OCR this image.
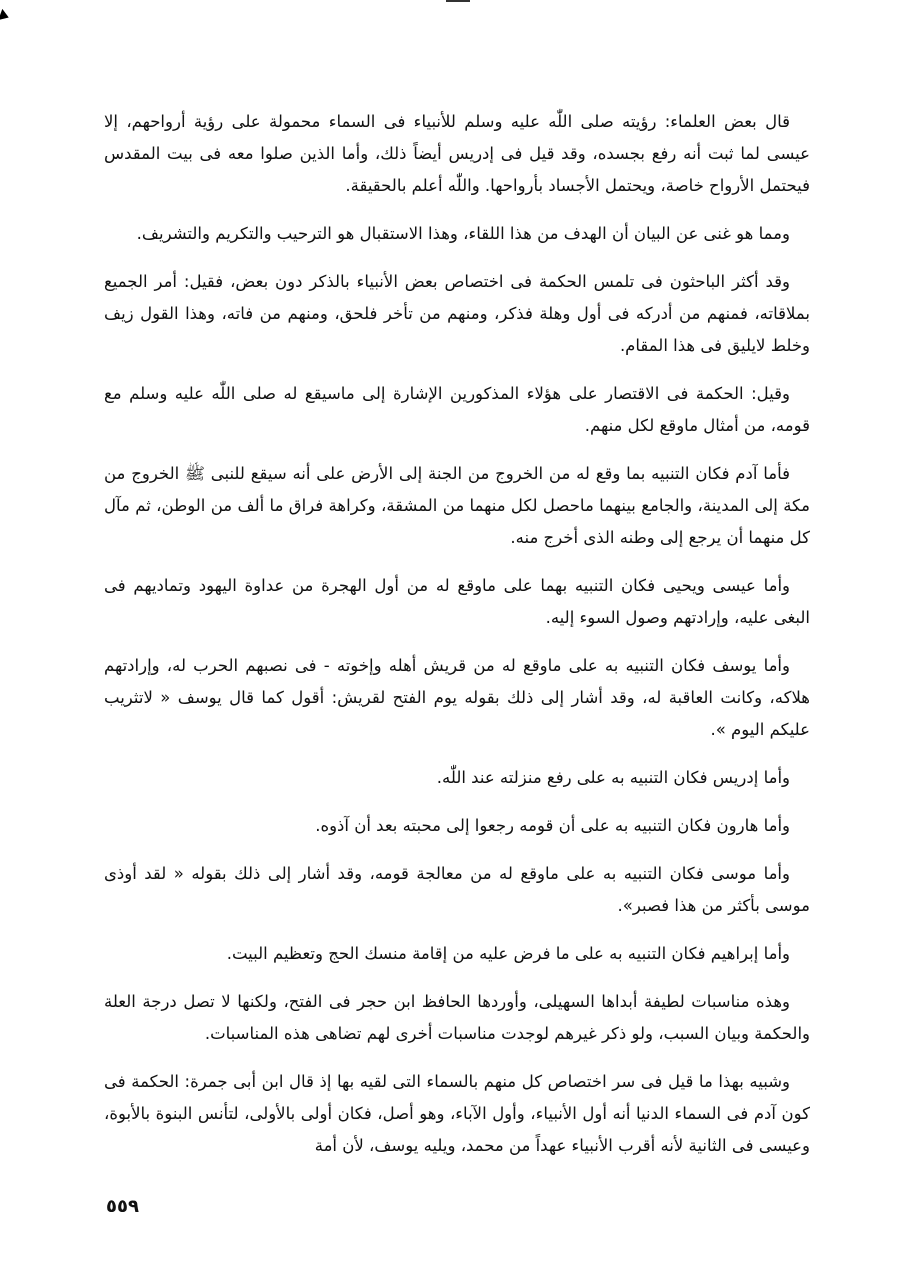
قال بعض العلماء: رؤيته صلى اللّٰه عليه وسلم للأنبياء فى السماء محمولة على رؤية أرواحهم، إلا عيسى لما ثبت أنه رفع بجسده، وقد قيل فى إدريس أيضاً ذلك، وأما الذين صلوا معه فى بيت المقدس فيحتمل الأرواح خاصة، ويحتمل الأجساد بأرواحها. واللّٰه أعلم بالحقيقة.

ومما هو غنى عن البيان أن الهدف من هذا اللقاء، وهذا الاستقبال هو الترحيب والتكريم والتشريف.

وقد أكثر الباحثون فى تلمس الحكمة فى اختصاص بعض الأنبياء بالذكر دون بعض، فقيل: أمر الجميع بملاقاته، فمنهم من أدركه فى أول وهلة فذكر، ومنهم من تأخر فلحق، ومنهم من فاته، وهذا القول زيف وخلط لايليق فى هذا المقام.

وقيل: الحكمة فى الاقتصار على هؤلاء المذكورين الإشارة إلى ماسيقع له صلى اللّٰه عليه وسلم مع قومه، من أمثال ماوقع لكل منهم.

فأما آدم فكان التنبيه بما وقع له من الخروج من الجنة إلى الأرض على أنه سيقع للنبى ﷺ الخروج من مكة إلى المدينة، والجامع بينهما ماحصل لكل منهما من المشقة، وكراهة فراق ما ألف من الوطن، ثم مآل كل منهما أن يرجع إلى وطنه الذى أخرج منه.

وأما عيسى ويحيى فكان التنبيه بهما على ماوقع له من أول الهجرة من عداوة اليهود وتماديهم فى البغى عليه، وإرادتهم وصول السوء إليه.

وأما يوسف فكان التنبيه به على ماوقع له من قريش أهله وإخوته - فى نصبهم الحرب له، وإرادتهم هلاكه، وكانت العاقبة له، وقد أشار إلى ذلك بقوله يوم الفتح لقريش: أقول كما قال يوسف « لاتثريب عليكم اليوم ».

وأما إدريس فكان التنبيه به على رفع منزلته عند اللّٰه.

وأما هارون فكان التنبيه به على أن قومه رجعوا إلى محبته بعد أن آذوه.

وأما موسى فكان التنبيه به على ماوقع له من معالجة قومه، وقد أشار إلى ذلك بقوله « لقد أوذى موسى بأكثر من هذا فصبر».

وأما إبراهيم فكان التنبيه به على ما فرض عليه من إقامة منسك الحج وتعظيم البيت.

وهذه مناسبات لطيفة أبداها السهيلى، وأوردها الحافظ ابن حجر فى الفتح، ولكنها لا تصل درجة العلة والحكمة وبيان السبب، ولو ذكر غيرهم لوجدت مناسبات أخرى لهم تضاهى هذه المناسبات.

وشبيه بهذا ما قيل فى سر اختصاص كل منهم بالسماء التى لقيه بها إذ قال ابن أبى جمرة: الحكمة فى كون آدم فى السماء الدنيا أنه أول الأنبياء، وأول الآباء، وهو أصل، فكان أولى بالأولى، لتأنس البنوة بالأبوة، وعيسى فى الثانية لأنه أقرب الأنبياء عهداً من محمد، ويليه يوسف، لأن أمة

٥٥٩
